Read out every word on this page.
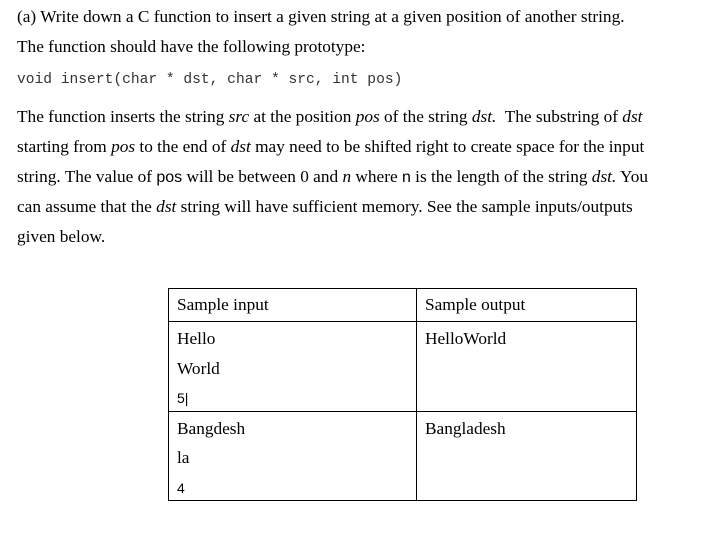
(a) Write down a C function to insert a given string at a given position of another string.
The function should have the following prototype:
void insert(char * dst, char * src, int pos)
The function inserts the string src at the position pos of the string dst.  The substring of dst
starting from pos to the end of dst may need to be shifted right to create space for the input
string. The value of pos will be between 0 and n where n is the length of the string dst. You
can assume that the dst string will have sufficient memory. See the sample inputs/outputs
given below.
Sample input	Sample output

Hello
World
5|	HelloWorld

Bangdesh
la
4	Bangladesh
